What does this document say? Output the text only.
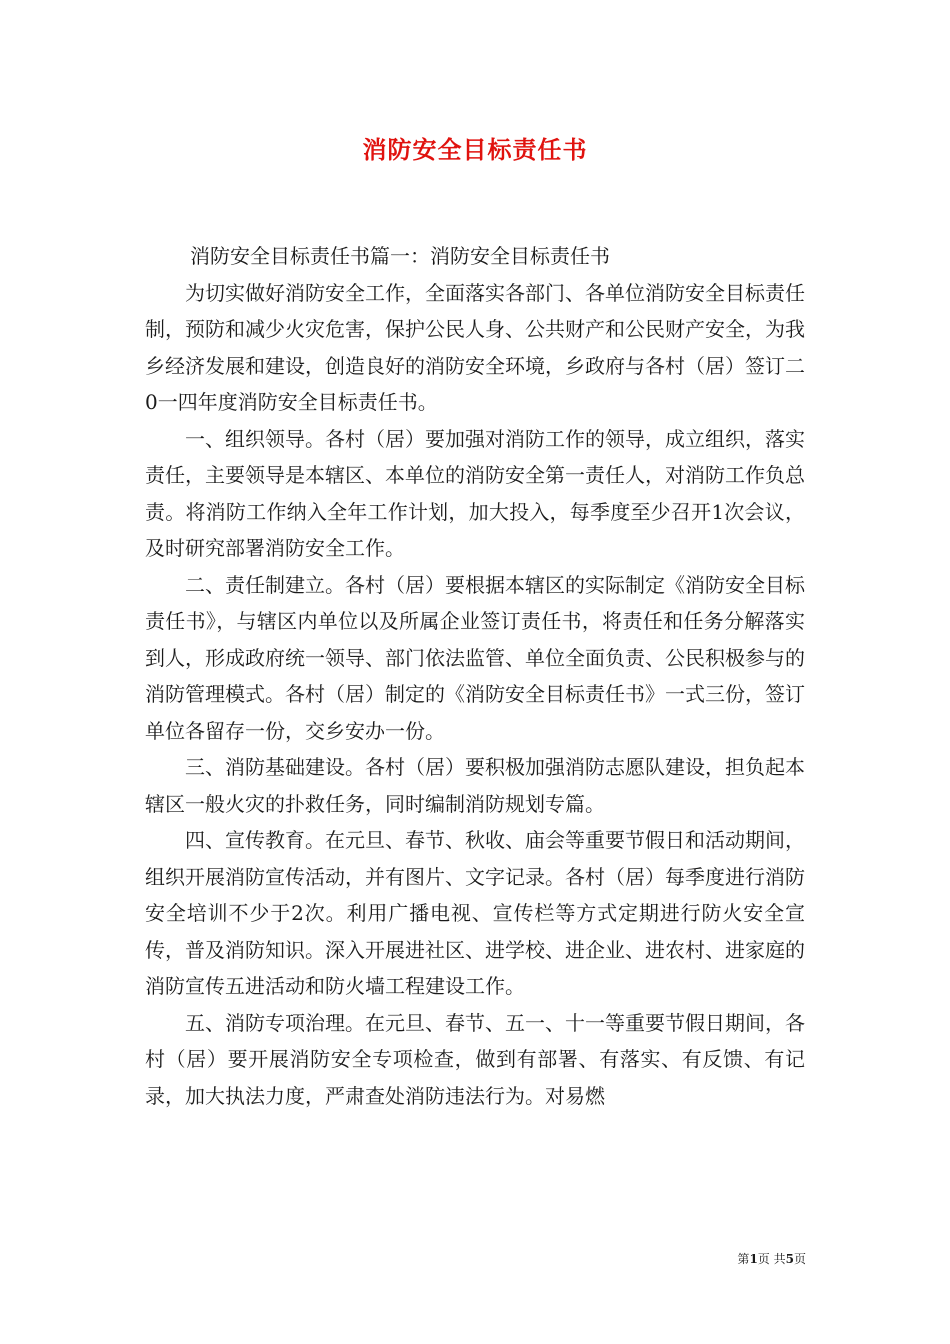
消防安全目标责任书

消防安全目标责任书篇一：消防安全目标责任书

为切实做好消防安全工作，全面落实各部门、各单位消防安全目标责任制，预防和减少火灾危害，保护公民人身、公共财产和公民财产安全，为我乡经济发展和建设，创造良好的消防安全环境，乡政府与各村（居）签订二0一四年度消防安全目标责任书。

一、组织领导。各村（居）要加强对消防工作的领导，成立组织，落实责任，主要领导是本辖区、本单位的消防安全第一责任人，对消防工作负总责。将消防工作纳入全年工作计划，加大投入，每季度至少召开1次会议，及时研究部署消防安全工作。

二、责任制建立。各村（居）要根据本辖区的实际制定《消防安全目标责任书》，与辖区内单位以及所属企业签订责任书，将责任和任务分解落实到人，形成政府统一领导、部门依法监管、单位全面负责、公民积极参与的消防管理模式。各村（居）制定的《消防安全目标责任书》一式三份，签订单位各留存一份，交乡安办一份。

三、消防基础建设。各村（居）要积极加强消防志愿队建设，担负起本辖区一般火灾的扑救任务，同时编制消防规划专篇。

四、宣传教育。在元旦、春节、秋收、庙会等重要节假日和活动期间，组织开展消防宣传活动，并有图片、文字记录。各村（居）每季度进行消防安全培训不少于2次。利用广播电视、宣传栏等方式定期进行防火安全宣传，普及消防知识。深入开展进社区、进学校、进企业、进农村、进家庭的消防宣传五进活动和防火墙工程建设工作。

五、消防专项治理。在元旦、春节、五一、十一等重要节假日期间，各村（居）要开展消防安全专项检查，做到有部署、有落实、有反馈、有记录，加大执法力度，严肃查处消防违法行为。对易燃

第1页 共5页
